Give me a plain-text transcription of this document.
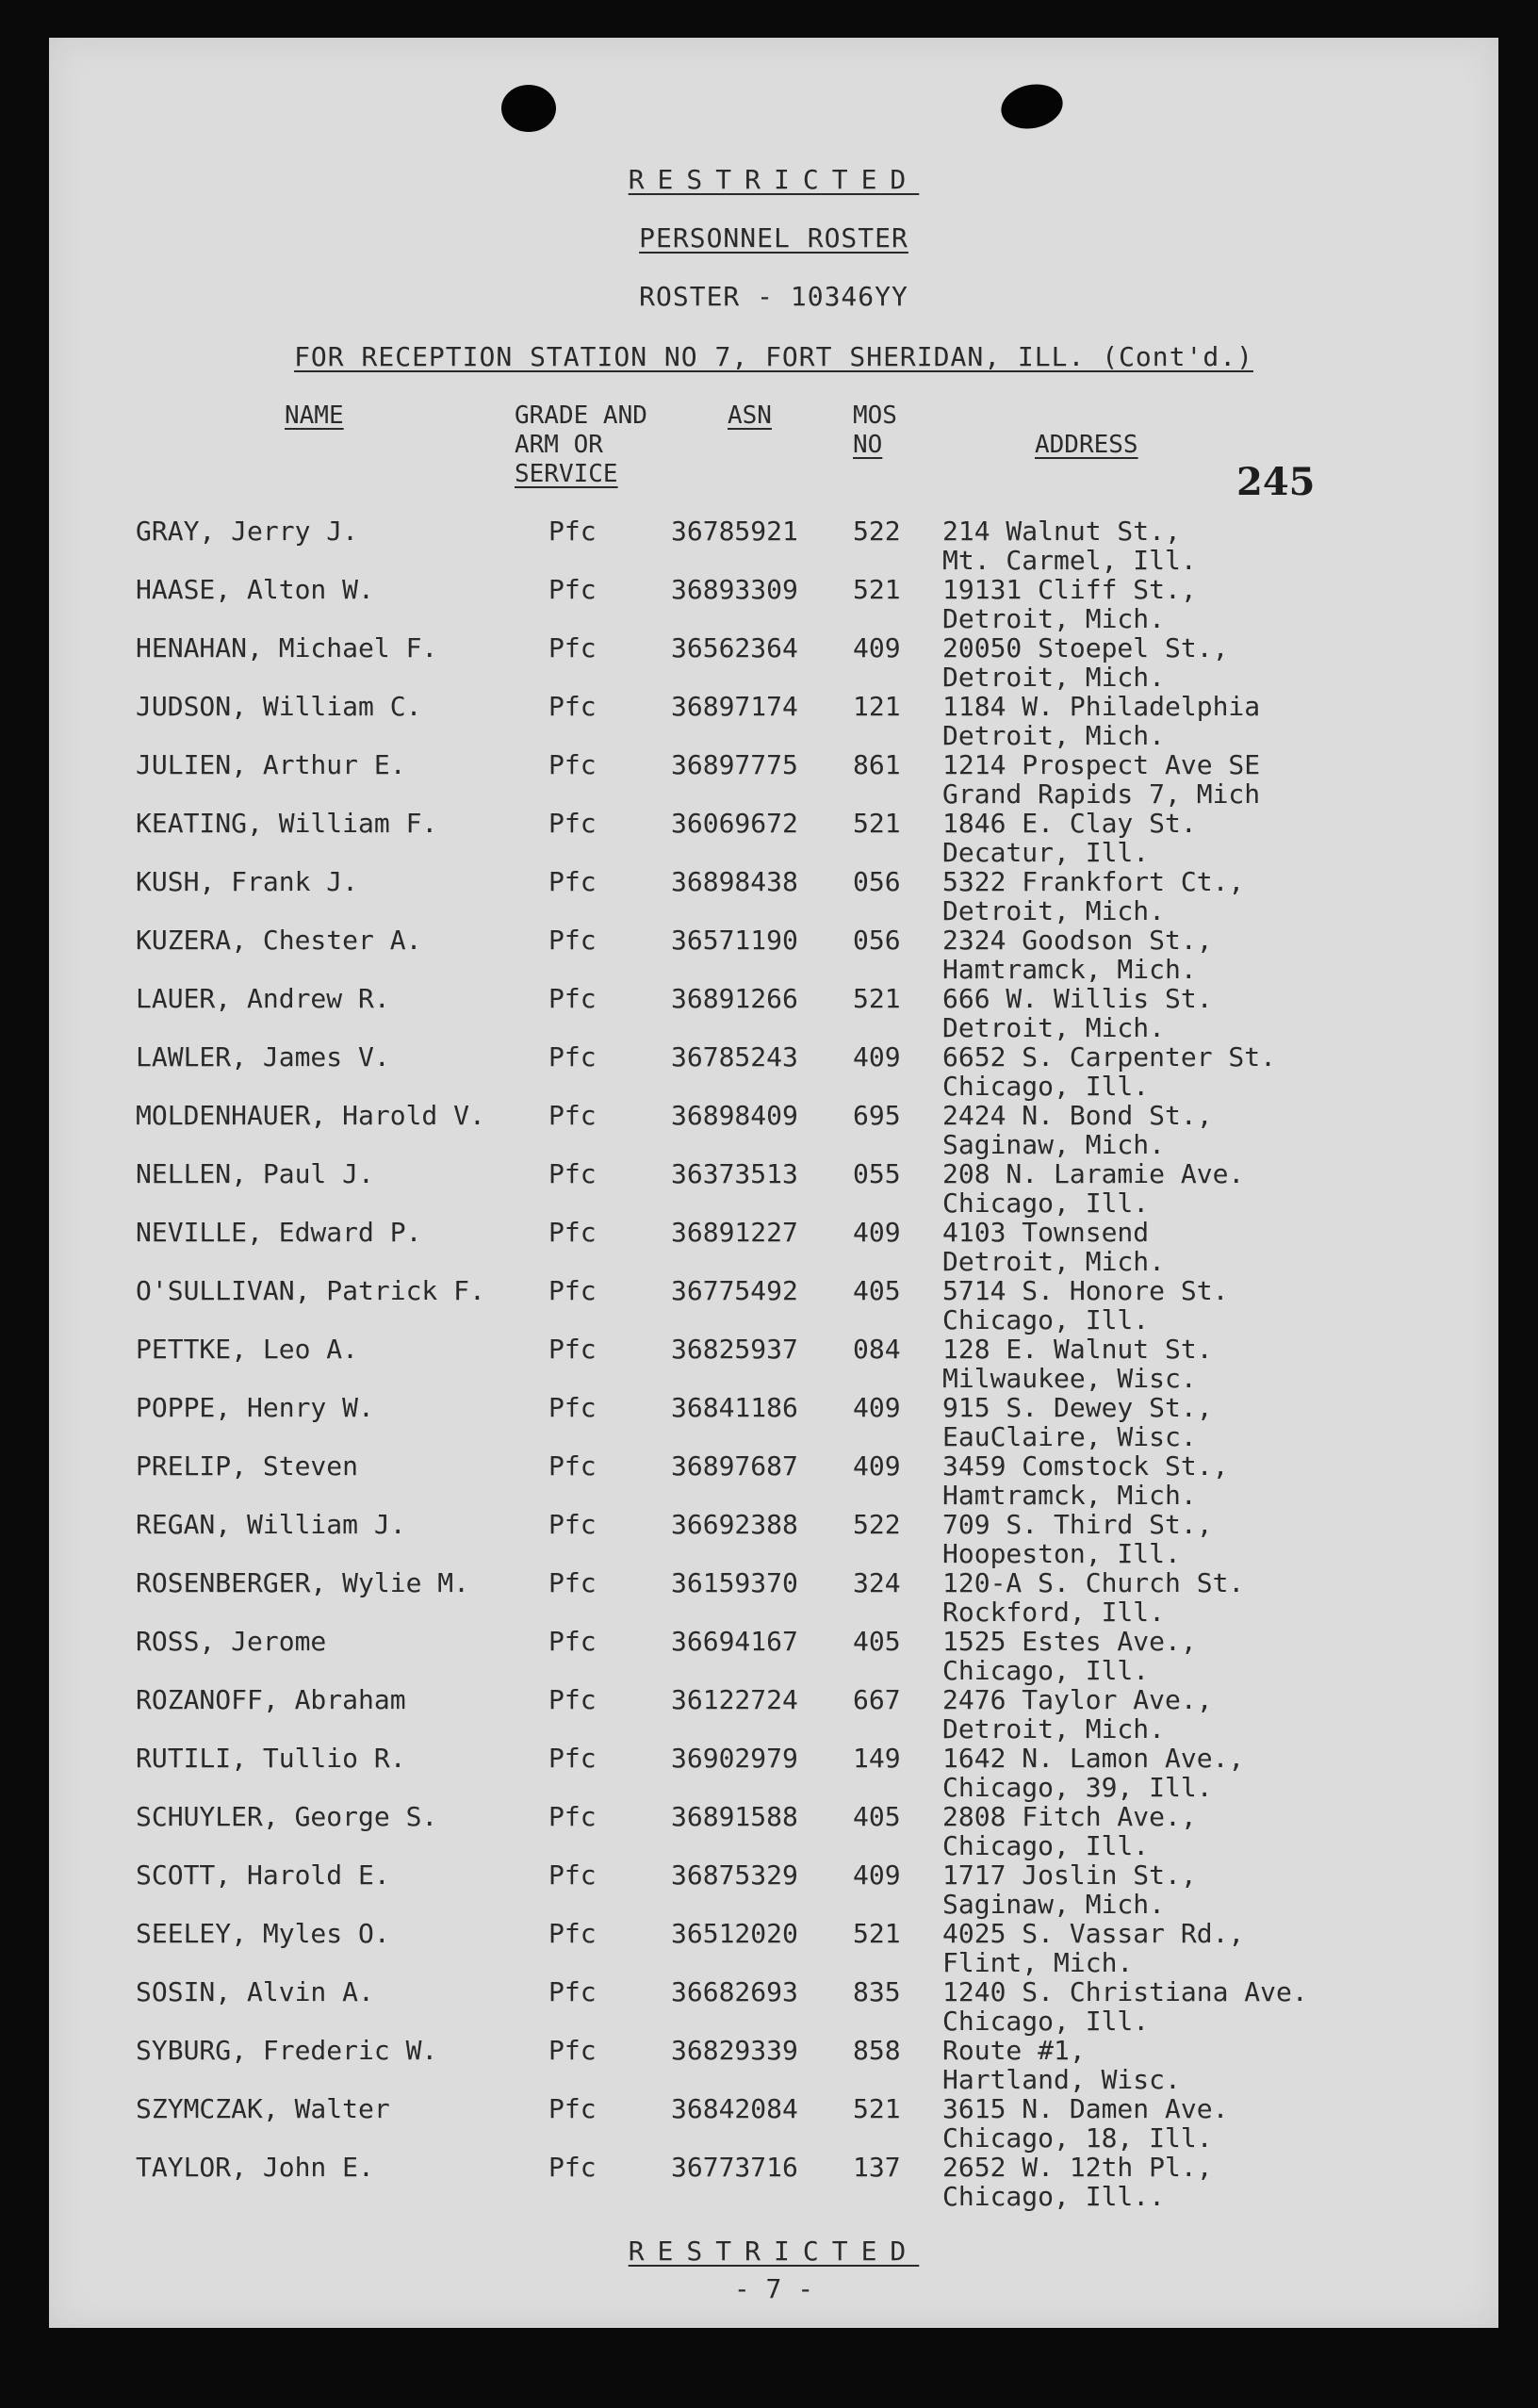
RESTRICTED
PERSONNEL ROSTER
ROSTER - 10346YY
FOR RECEPTION STATION NO 7, FORT SHERIDAN, ILL. (Cont'd.)
NAME	GRADE AND
ARM OR
SERVICE
ASN	MOS
NO	ADDRESS
245
GRAY, Jerry J.	Pfc	36785921 522 214 Walnut St.,
Mt. Carmel, Ill.
HAASE, Alton W.	Pfc	36893309 521 19131 Cliff St.,
Detroit, Mich.
HENAHAN, Michael F.	Pfc	36562364 409 20050 Stoepel St.,
Detroit, Mich.
JUDSON, William C.	Pfc	36897174 121 1184 W. Philadelphia
Detroit, Mich.
JULIEN, Arthur E.	Pfc	36897775 861 1214 Prospect Ave SE
Grand Rapids 7, Mich
KEATING, William F.	Pfc	36069672 521 1846 E. Clay St.
Decatur, Ill.
KUSH, Frank J.	Pfc	36898438 056 5322 Frankfort Ct.,
Detroit, Mich.
KUZERA, Chester A.	Pfc	36571190 056 2324 Goodson St.,
Hamtramck, Mich.
LAUER, Andrew R.	Pfc	36891266 521 666 W. Willis St.
Detroit, Mich.
LAWLER, James V.	Pfc	36785243 409 6652 S. Carpenter St.
Chicago, Ill.
MOLDENHAUER, Harold V. Pfc	36898409 695 2424 N. Bond St.,
Saginaw, Mich.
NELLEN, Paul J.	Pfc	36373513 055 208 N. Laramie Ave.
Chicago, Ill.
NEVILLE, Edward P.	Pfc	36891227 409 4103 Townsend
Detroit, Mich.
O'SULLIVAN, Patrick F. Pfc	36775492 405 5714 S. Honore St.
Chicago, Ill.
PETTKE, Leo A.	Pfc	36825937 084 128 E. Walnut St.
Milwaukee, Wisc.
POPPE, Henry W.	Pfc	36841186 409 915 S. Dewey St.,
EauClaire, Wisc.
PRELIP, Steven	Pfc	36897687 409 3459 Comstock St.,
Hamtramck, Mich.
REGAN, William J.	Pfc	36692388 522 709 S. Third St.,
Hoopeston, Ill.
ROSENBERGER, Wylie M.	Pfc	36159370 324 120-A S. Church St.
Rockford, Ill.
ROSS, Jerome	Pfc	36694167 405 1525 Estes Ave.,
Chicago, Ill.
ROZANOFF, Abraham	Pfc	36122724 667 2476 Taylor Ave.,
Detroit, Mich.
RUTILI, Tullio R.	Pfc	36902979 149 1642 N. Lamon Ave.,
Chicago, 39, Ill.
SCHUYLER, George S.	Pfc	36891588 405 2808 Fitch Ave.,
Chicago, Ill.
SCOTT, Harold E.	Pfc	36875329 409 1717 Joslin St.,
Saginaw, Mich.
SEELEY, Myles O.	Pfc	36512020 521 4025 S. Vassar Rd.,
Flint, Mich.
SOSIN, Alvin A.	Pfc	36682693 835 1240 S. Christiana Ave.
Chicago, Ill.
SYBURG, Frederic W.	Pfc	36829339 858 Route #1,
Hartland, Wisc.
SZYMCZAK, Walter	Pfc	36842084 521 3615 N. Damen Ave.
Chicago, 18, Ill.
TAYLOR, John E.	Pfc	36773716 137 2652 W. 12th Pl.,
Chicago, Ill..
RESTRICTED
- 7 -
